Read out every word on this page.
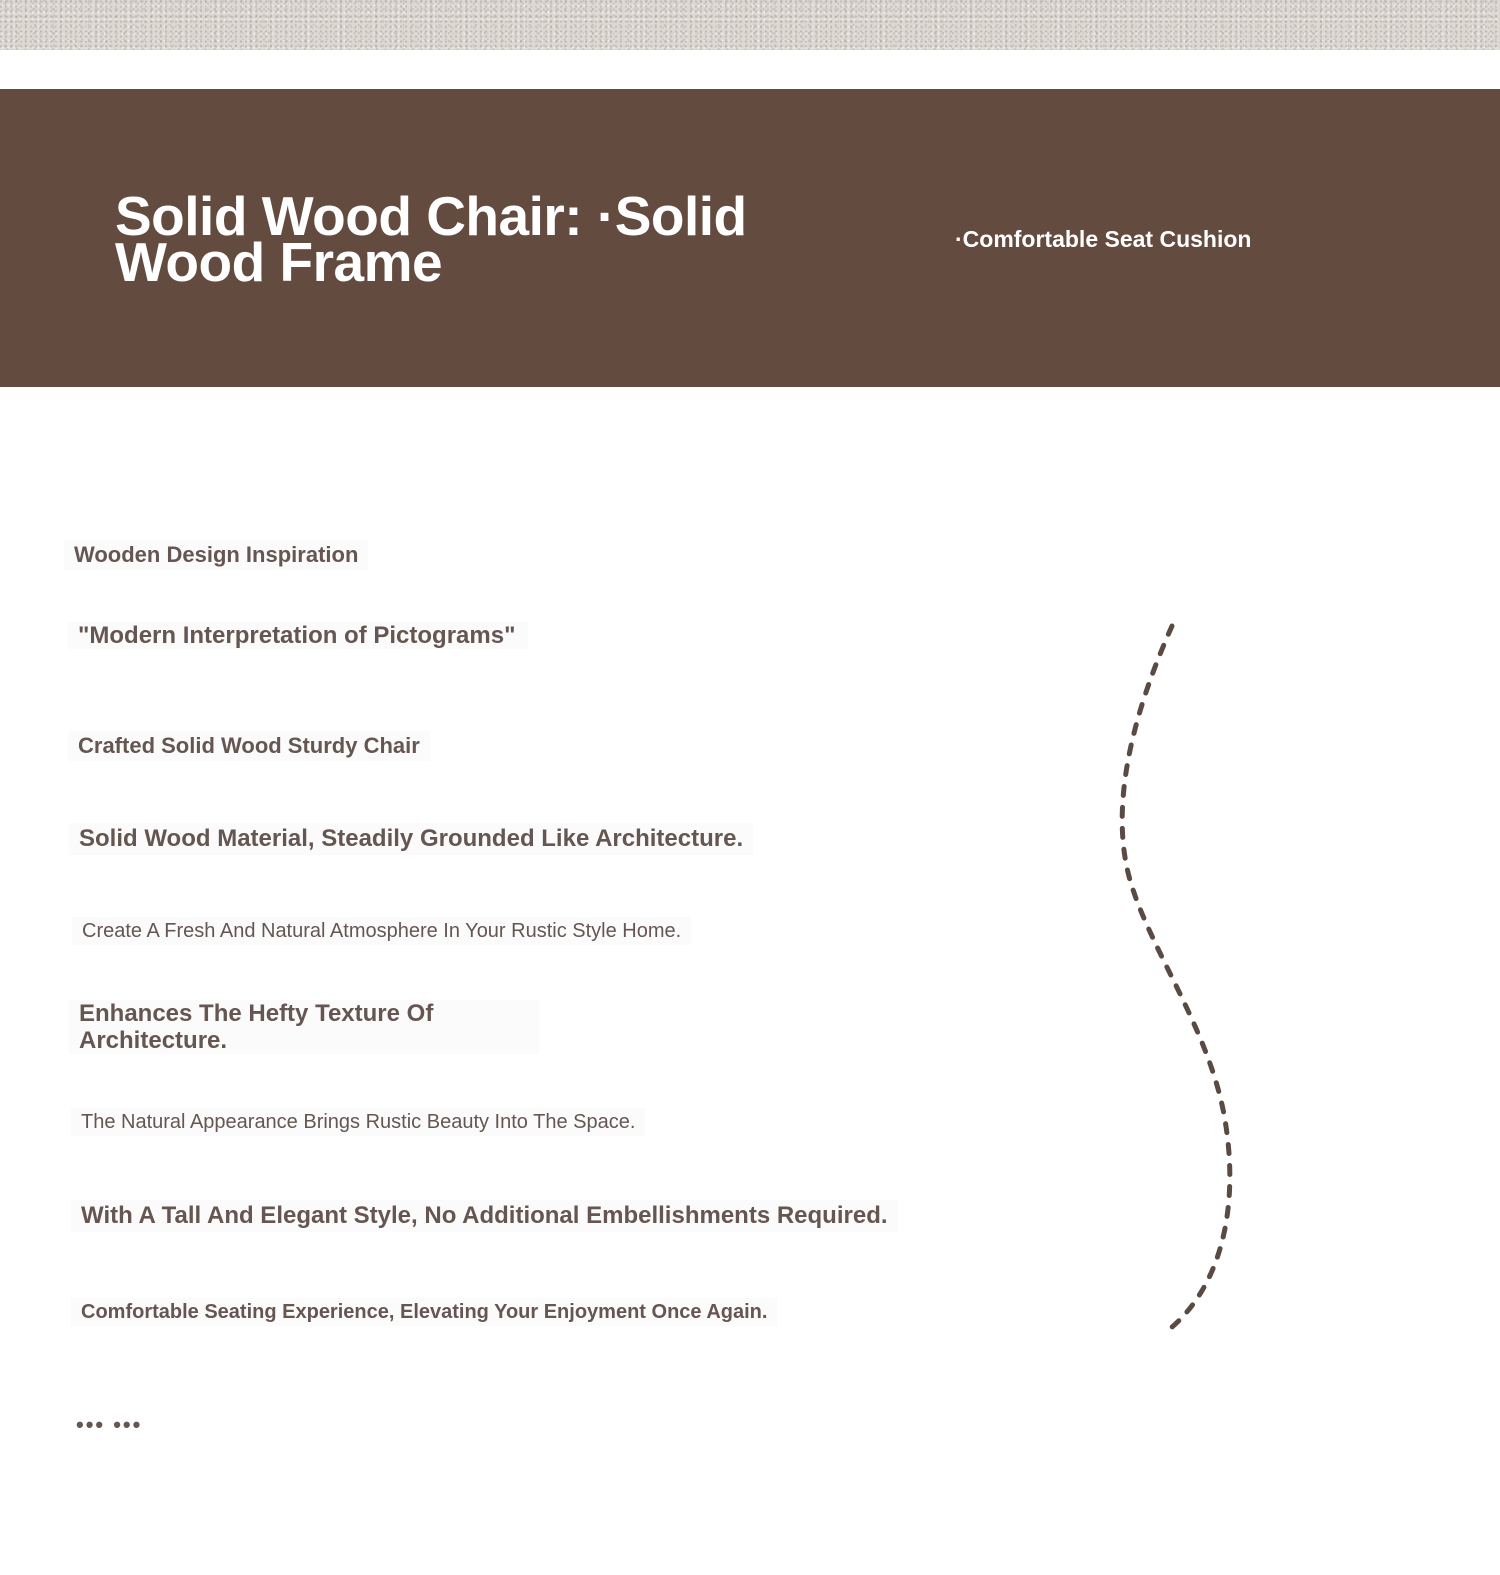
Solid Wood Chair: ·Solid Wood Frame	·Comfortable Seat Cushion

Wooden Design Inspiration

"Modern Interpretation of Pictograms"

Crafted Solid Wood Sturdy Chair

Solid Wood Material, Steadily Grounded Like Architecture.

Create A Fresh And Natural Atmosphere In Your Rustic Style Home.

Enhances The Hefty Texture Of Architecture.

The Natural Appearance Brings Rustic Beauty Into The Space.

With A Tall And Elegant Style, No Additional Embellishments Required.

Comfortable Seating Experience, Elevating Your Enjoyment Once Again.

••• •••
